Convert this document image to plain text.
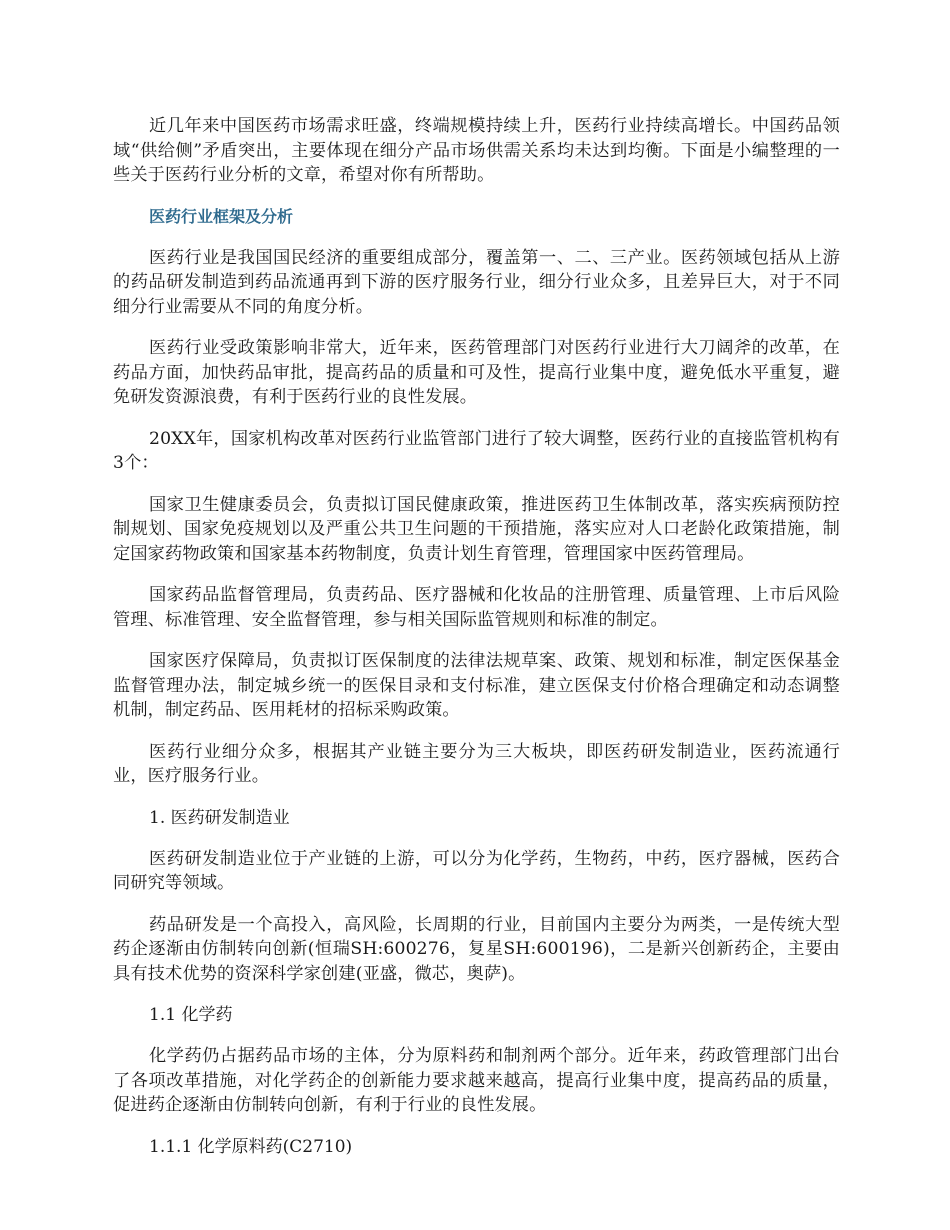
近几年来中国医药市场需求旺盛，终端规模持续上升，医药行业持续高增长。中国药品领域“供给侧”矛盾突出，主要体现在细分产品市场供需关系均未达到均衡。下面是小编整理的一些关于医药行业分析的文章，希望对你有所帮助。

医药行业框架及分析

医药行业是我国国民经济的重要组成部分，覆盖第一、二、三产业。医药领域包括从上游的药品研发制造到药品流通再到下游的医疗服务行业，细分行业众多，且差异巨大，对于不同细分行业需要从不同的角度分析。

医药行业受政策影响非常大，近年来，医药管理部门对医药行业进行大刀阔斧的改革，在药品方面，加快药品审批，提高药品的质量和可及性，提高行业集中度，避免低水平重复，避免研发资源浪费，有利于医药行业的良性发展。

20XX年，国家机构改革对医药行业监管部门进行了较大调整，医药行业的直接监管机构有3个：

国家卫生健康委员会，负责拟订国民健康政策，推进医药卫生体制改革，落实疾病预防控制规划、国家免疫规划以及严重公共卫生问题的干预措施，落实应对人口老龄化政策措施，制定国家药物政策和国家基本药物制度，负责计划生育管理，管理国家中医药管理局。

国家药品监督管理局，负责药品、医疗器械和化妆品的注册管理、质量管理、上市后风险管理、标准管理、安全监督管理，参与相关国际监管规则和标准的制定。

国家医疗保障局，负责拟订医保制度的法律法规草案、政策、规划和标准，制定医保基金监督管理办法，制定城乡统一的医保目录和支付标准，建立医保支付价格合理确定和动态调整机制，制定药品、医用耗材的招标采购政策。

医药行业细分众多，根据其产业链主要分为三大板块，即医药研发制造业，医药流通行业，医疗服务行业。

1. 医药研发制造业

医药研发制造业位于产业链的上游，可以分为化学药，生物药，中药，医疗器械，医药合同研究等领域。

药品研发是一个高投入，高风险，长周期的行业，目前国内主要分为两类，一是传统大型药企逐渐由仿制转向创新(恒瑞SH:600276，复星SH:600196)，二是新兴创新药企，主要由具有技术优势的资深科学家创建(亚盛，微芯，奥萨)。

1.1 化学药

化学药仍占据药品市场的主体，分为原料药和制剂两个部分。近年来，药政管理部门出台了各项改革措施，对化学药企的创新能力要求越来越高，提高行业集中度，提高药品的质量，促进药企逐渐由仿制转向创新，有利于行业的良性发展。

1.1.1 化学原料药(C2710)
